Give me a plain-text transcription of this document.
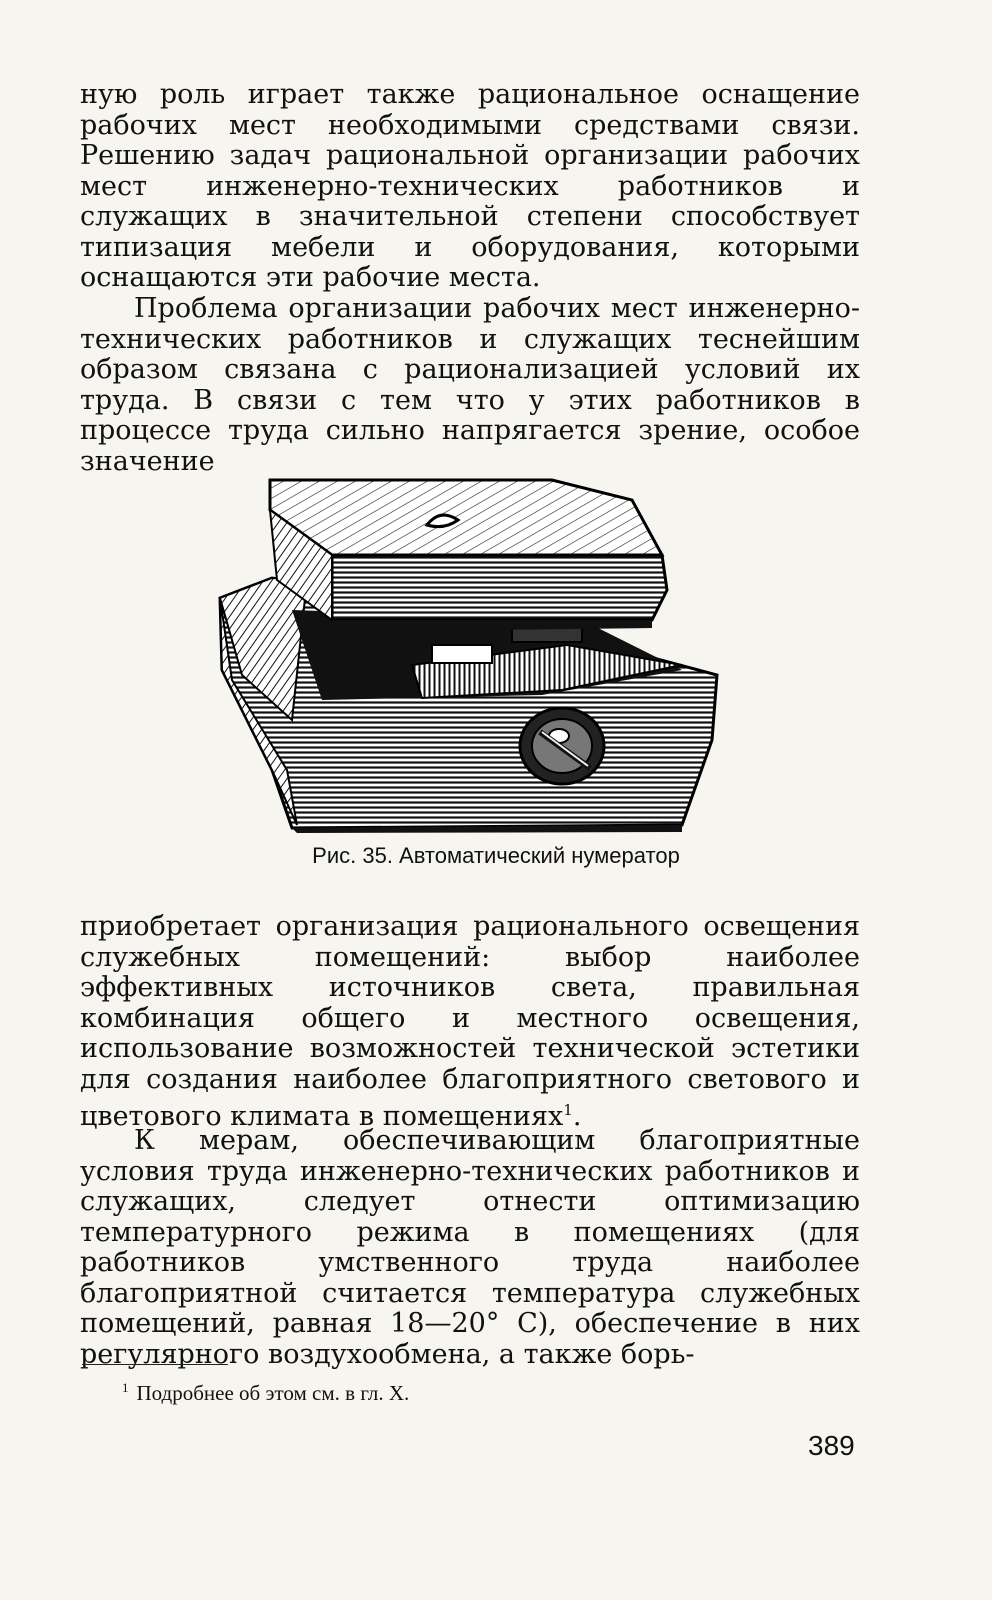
ную роль играет также рациональное оснащение рабочих мест необходимыми средствами связи. Решению задач рациональной организации рабочих мест инженерно-технических работников и служащих в значительной степени способствует типизация мебели и оборудования, которыми оснащаются эти рабочие места.

Проблема организации рабочих мест инженерно-технических работников и служащих теснейшим образом связана с рационализацией условий их труда. В связи с тем что у этих работников в процессе труда сильно напрягается зрение, особое значение

Рис. 35. Автоматический нумератор

приобретает организация рационального освещения служебных помещений: выбор наиболее эффективных источников света, правильная комбинация общего и местного освещения, использование возможностей технической эстетики для создания наиболее благоприятного светового и цветового климата в помещениях$^1$.

К мерам, обеспечивающим благоприятные условия труда инженерно-технических работников и служащих, следует отнести оптимизацию температурного режима в помещениях (для работников умственного труда наиболее благоприятной считается температура служебных помещений, равная 18—20° С), обеспечение в них регулярного воздухообмена, а также борь-

$^1$ Подробнее об этом см. в гл. X.
389
